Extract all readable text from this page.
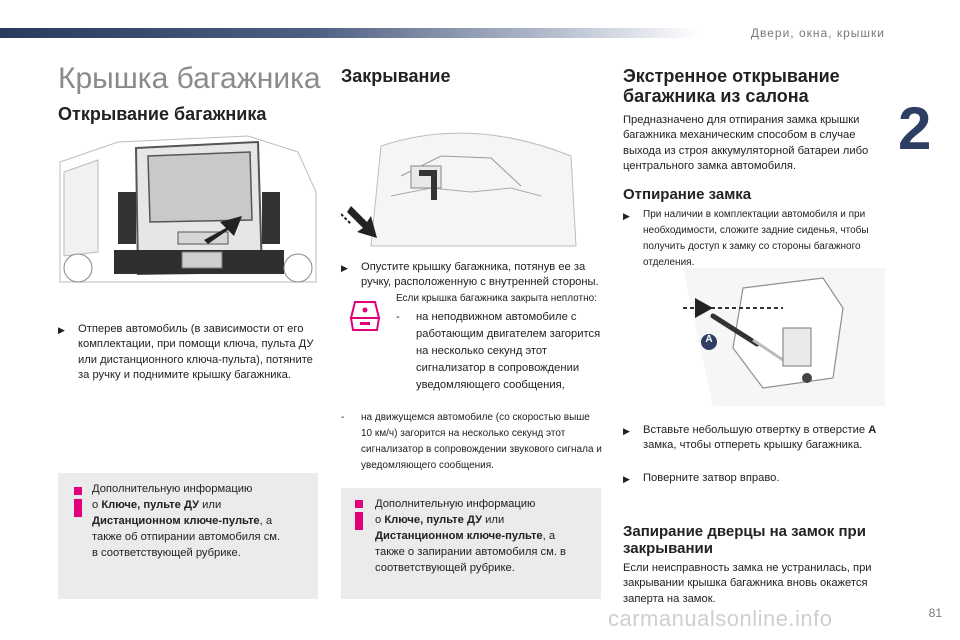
Двери, окна, крышки
2
Крышка багажника
Открывание багажника
▶	Отперев автомобиль (в зависимости от его комплектации, при помощи ключа, пульта ДУ или дистанционного ключа-пульта), потяните за ручку и поднимите крышку багажника.
Дополнительную информацию
о Ключе, пульте ДУ или
Дистанционном ключе-пульте, а
также об отпирании автомобиля см.
в соответствующей рубрике.
Закрывание
▶	Опустите крышку багажника, потянув ее за ручку, расположенную с внутренней стороны.
Если крышка багажника закрыта неплотно:
-	на неподвижном автомобиле с работающим двигателем загорится на несколько секунд этот сигнализатор в сопровождении уведомляющего сообщения,
-	на движущемся автомобиле (со скоростью выше 10 км/ч) загорится на несколько секунд этот сигнализатор в сопровождении звукового сигнала и уведомляющего сообщения.
Дополнительную информацию
о Ключе, пульте ДУ или
Дистанционном ключе-пульте, а
также о запирании автомобиля см. в
соответствующей рубрике.
Экстренное открывание багажника из салона
Предназначено для отпирания замка крышки багажника механическим способом в случае выхода из строя аккумуляторной батареи либо центрального замка автомобиля.
Отпирание замка
▶	При наличии в комплектации автомобиля и при необходимости, сложите задние сиденья, чтобы получить доступ к замку со стороны багажного отделения.
A
▶	Вставьте небольшую отвертку в отверстие A замка, чтобы отпереть крышку багажника.
▶	Поверните затвор вправо.
Запирание дверцы на замок при закрывании
Если неисправность замка не устранилась, при закрывании крышка багажника вновь окажется заперта на замок.
carmanualsonline.info	81
